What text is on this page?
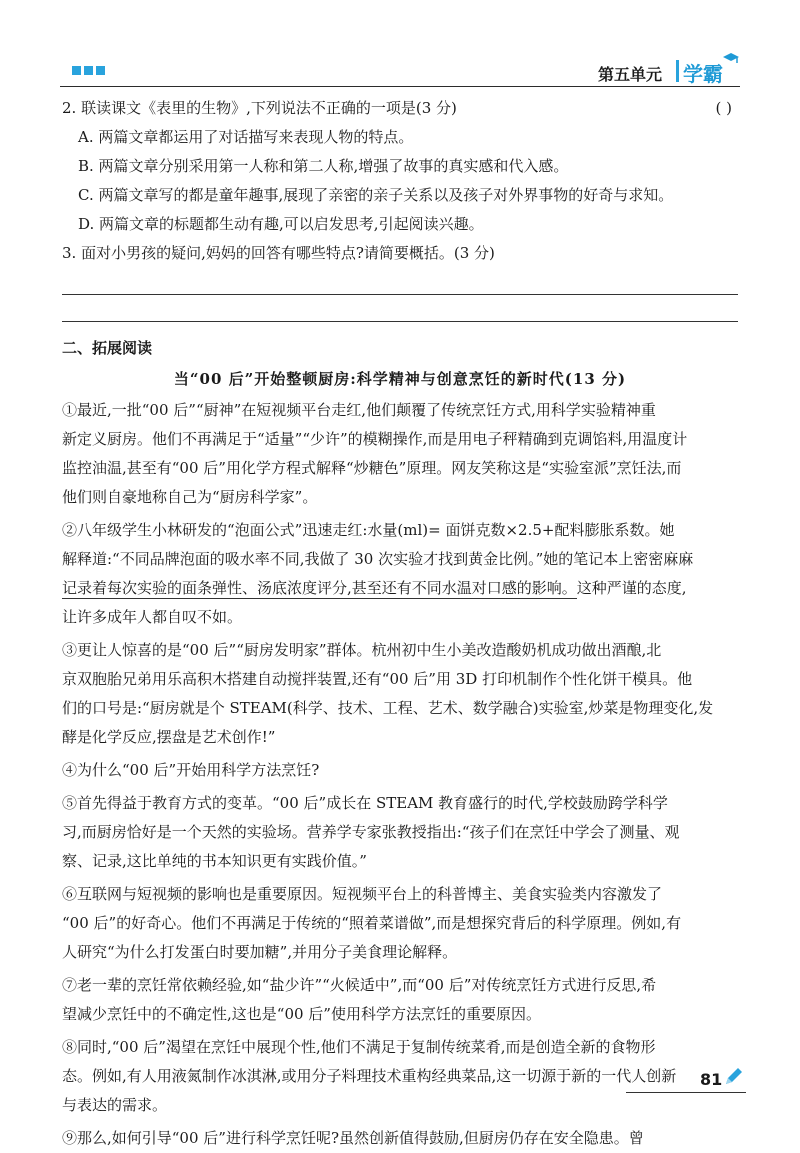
第五单元 学霸
2. 联读课文《表里的生物》,下列说法不正确的一项是(3 分)	( )
A. 两篇文章都运用了对话描写来表现人物的特点。
B. 两篇文章分别采用第一人称和第二人称,增强了故事的真实感和代入感。
C. 两篇文章写的都是童年趣事,展现了亲密的亲子关系以及孩子对外界事物的好奇与求知。
D. 两篇文章的标题都生动有趣,可以启发思考,引起阅读兴趣。
3. 面对小男孩的疑问,妈妈的回答有哪些特点?请简要概括。(3 分)
二、拓展阅读
当“00 后”开始整顿厨房:科学精神与创意烹饪的新时代(13 分)
①最近,一批“00 后”“厨神”在短视频平台走红,他们颠覆了传统烹饪方式,用科学实验精神重
新定义厨房。他们不再满足于“适量”“少许”的模糊操作,而是用电子秤精确到克调馅料,用温度计
监控油温,甚至有“00 后”用化学方程式解释“炒糖色”原理。网友笑称这是“实验室派”烹饪法,而
他们则自豪地称自己为“厨房科学家”。
②八年级学生小林研发的“泡面公式”迅速走红:水量(ml)= 面饼克数×2.5+配料膨胀系数。她
解释道:“不同品牌泡面的吸水率不同,我做了 30 次实验才找到黄金比例。”她的笔记本上密密麻麻
记录着每次实验的面条弹性、汤底浓度评分,甚至还有不同水温对口感的影响。这种严谨的态度,
让许多成年人都自叹不如。
③更让人惊喜的是“00 后”“厨房发明家”群体。杭州初中生小美改造酸奶机成功做出酒酿,北
京双胞胎兄弟用乐高积木搭建自动搅拌装置,还有“00 后”用 3D 打印机制作个性化饼干模具。他
们的口号是:“厨房就是个 STEAM(科学、技术、工程、艺术、数学融合)实验室,炒菜是物理变化,发
酵是化学反应,摆盘是艺术创作!”
④为什么“00 后”开始用科学方法烹饪?
⑤首先得益于教育方式的变革。“00 后”成长在 STEAM 教育盛行的时代,学校鼓励跨学科学
习,而厨房恰好是一个天然的实验场。营养学专家张教授指出:“孩子们在烹饪中学会了测量、观
察、记录,这比单纯的书本知识更有实践价值。”
⑥互联网与短视频的影响也是重要原因。短视频平台上的科普博主、美食实验类内容激发了
“00 后”的好奇心。他们不再满足于传统的“照着菜谱做”,而是想探究背后的科学原理。例如,有
人研究“为什么打发蛋白时要加糖”,并用分子美食理论解释。
⑦老一辈的烹饪常依赖经验,如“盐少许”“火候适中”,而“00 后”对传统烹饪方式进行反思,希
望减少烹饪中的不确定性,这也是“00 后”使用科学方法烹饪的重要原因。
⑧同时,“00 后”渴望在烹饪中展现个性,他们不满足于复制传统菜肴,而是创造全新的食物形
态。例如,有人用液氮制作冰淇淋,或用分子料理技术重构经典菜品,这一切源于新的一代人创新
与表达的需求。
⑨那么,如何引导“00 后”进行科学烹饪呢?虽然创新值得鼓励,但厨房仍存在安全隐患。曾
81
